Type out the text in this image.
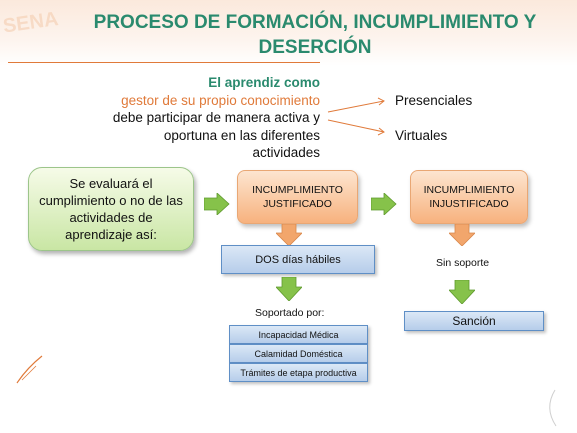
SENA	PROCESO DE FORMACIÓN, INCUMPLIMIENTO Y
DESERCIÓN
El aprendiz como
gestor de su propio conocimiento
debe participar de manera activa y
oportuna en las diferentes
actividades
Presenciales
Virtuales
Se evaluará el cumplimiento o no de las actividades de aprendizaje así:
INCUMPLIMIENTO JUSTIFICADO
INCUMPLIMIENTO INJUSTIFICADO
DOS días hábiles	Sin soporte
Soportado por:
Incapacidad Médica
Calamidad Doméstica
Trámites de etapa productiva
Sanción
